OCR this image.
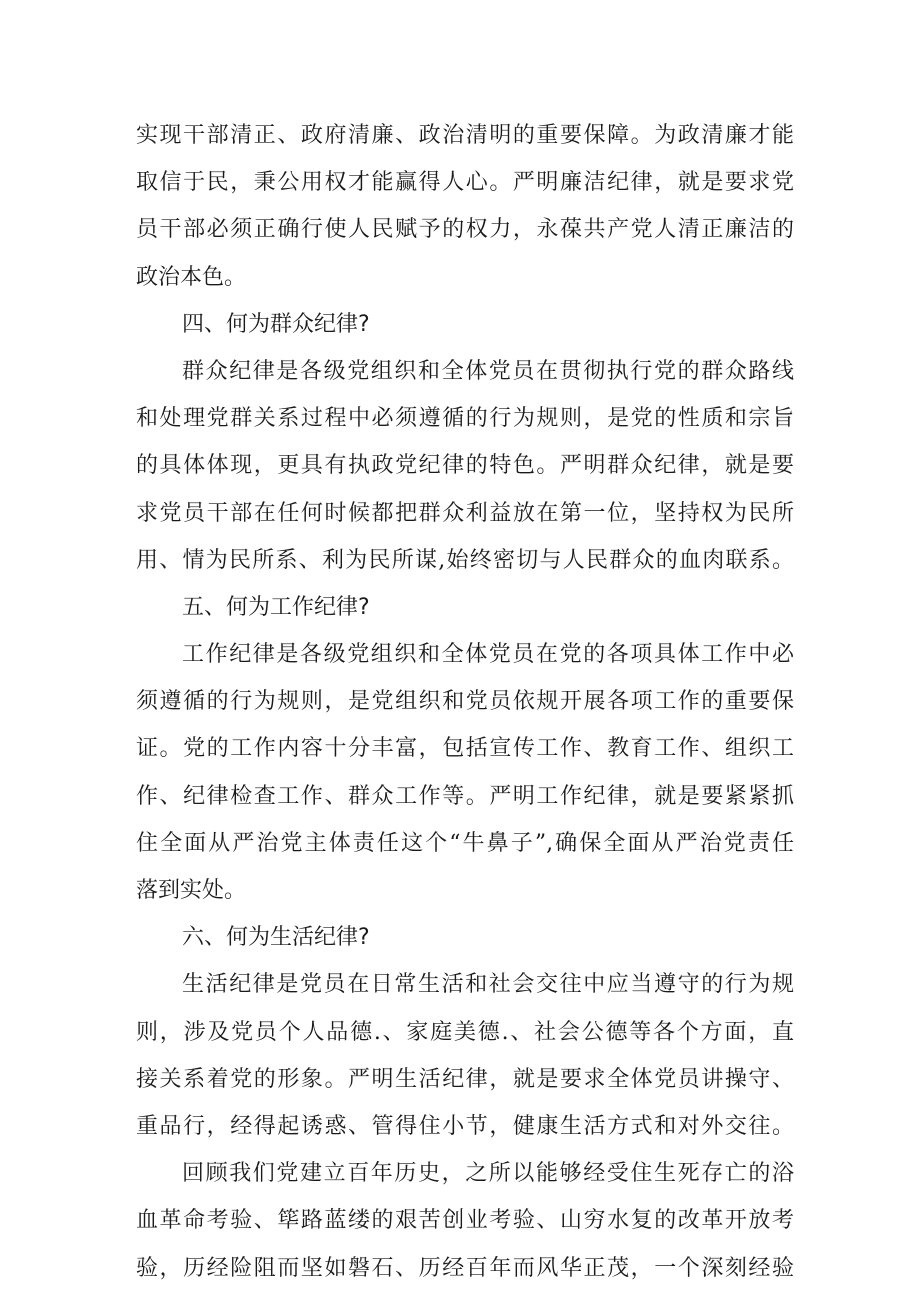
实现干部清正、政府清廉、政治清明的重要保障。为政清廉才能
取信于民，秉公用权才能赢得人心。严明廉洁纪律，就是要求党
员干部必须正确行使人民赋予的权力，永葆共产党人清正廉洁的
政治本色。
四、何为群众纪律?
群众纪律是各级党组织和全体党员在贯彻执行党的群众路线
和处理党群关系过程中必须遵循的行为规则，是党的性质和宗旨
的具体体现，更具有执政党纪律的特色。严明群众纪律，就是要
求党员干部在任何时候都把群众利益放在第一位，坚持权为民所
用、情为民所系、利为民所谋,始终密切与人民群众的血肉联系。
五、何为工作纪律?
工作纪律是各级党组织和全体党员在党的各项具体工作中必
须遵循的行为规则，是党组织和党员依规开展各项工作的重要保
证。党的工作内容十分丰富，包括宣传工作、教育工作、组织工
作、纪律检查工作、群众工作等。严明工作纪律，就是要紧紧抓
住全面从严治党主体责任这个“牛鼻子”,确保全面从严治党责任
落到实处。
六、何为生活纪律?
生活纪律是党员在日常生活和社会交往中应当遵守的行为规
则，涉及党员个人品德.、家庭美德.、社会公德等各个方面，直
接关系着党的形象。严明生活纪律，就是要求全体党员讲操守、
重品行，经得起诱惑、管得住小节，健康生活方式和对外交往。
回顾我们党建立百年历史，之所以能够经受住生死存亡的浴
血革命考验、筚路蓝缕的艰苦创业考验、山穷水复的改革开放考
验，历经险阻而坚如磐石、历经百年而风华正茂，一个深刻经验
